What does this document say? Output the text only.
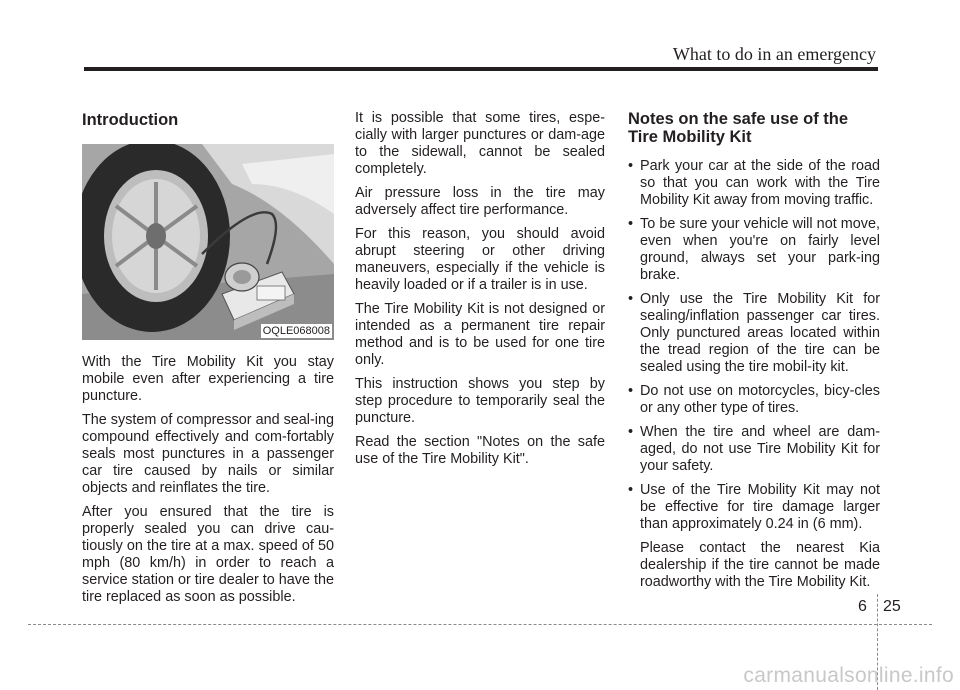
What to do in an emergency
Introduction
OQLE068008

With the Tire Mobility Kit you stay mobile even after experiencing a tire puncture.

The system of compressor and seal-ing compound effectively and com-fortably seals most punctures in a passenger car tire caused by nails or similar objects and reinflates the tire.

After you ensured that the tire is properly sealed you can drive cau-tiously on the tire at a max. speed of 50 mph (80 km/h) in order to reach a service station or tire dealer to have the tire replaced as soon as possible.

It is possible that some tires, espe-cially with larger punctures or dam-age to the sidewall, cannot be sealed completely.

Air pressure loss in the tire may adversely affect tire performance.

For this reason, you should avoid abrupt steering or other driving maneuvers, especially if the vehicle is heavily loaded or if a trailer is in use.

The Tire Mobility Kit is not designed or intended as a permanent tire repair method and is to be used for one tire only.

This instruction shows you step by step procedure to temporarily seal the puncture.

Read the section "Notes on the safe use of the Tire Mobility Kit".

Notes on the safe use of the Tire Mobility Kit
• Park your car at the side of the road so that you can work with the Tire Mobility Kit away from moving traffic.
• To be sure your vehicle will not move, even when you're on fairly level ground, always set your park-ing brake.
• Only use the Tire Mobility Kit for sealing/inflation passenger car tires. Only punctured areas located within the tread region of the tire can be sealed using the tire mobil-ity kit.
• Do not use on motorcycles, bicy-cles or any other type of tires.
• When the tire and wheel are dam-aged, do not use Tire Mobility Kit for your safety.
• Use of the Tire Mobility Kit may not be effective for tire damage larger than approximately 0.24 in (6 mm).
Please contact the nearest Kia dealership if the tire cannot be made roadworthy with the Tire Mobility Kit.
6 25
carmanualsonline.info
